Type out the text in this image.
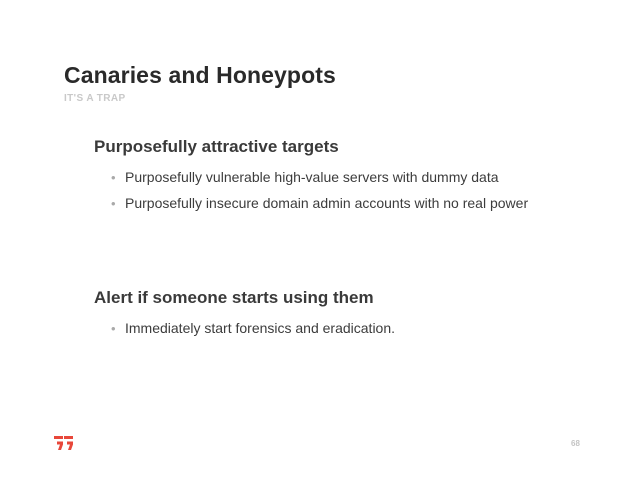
Canaries and Honeypots
IT'S A TRAP
Purposefully attractive targets
• Purposefully vulnerable high-value servers with dummy data
• Purposefully insecure domain admin accounts with no real power
Alert if someone starts using them
• Immediately start forensics and eradication.
68
